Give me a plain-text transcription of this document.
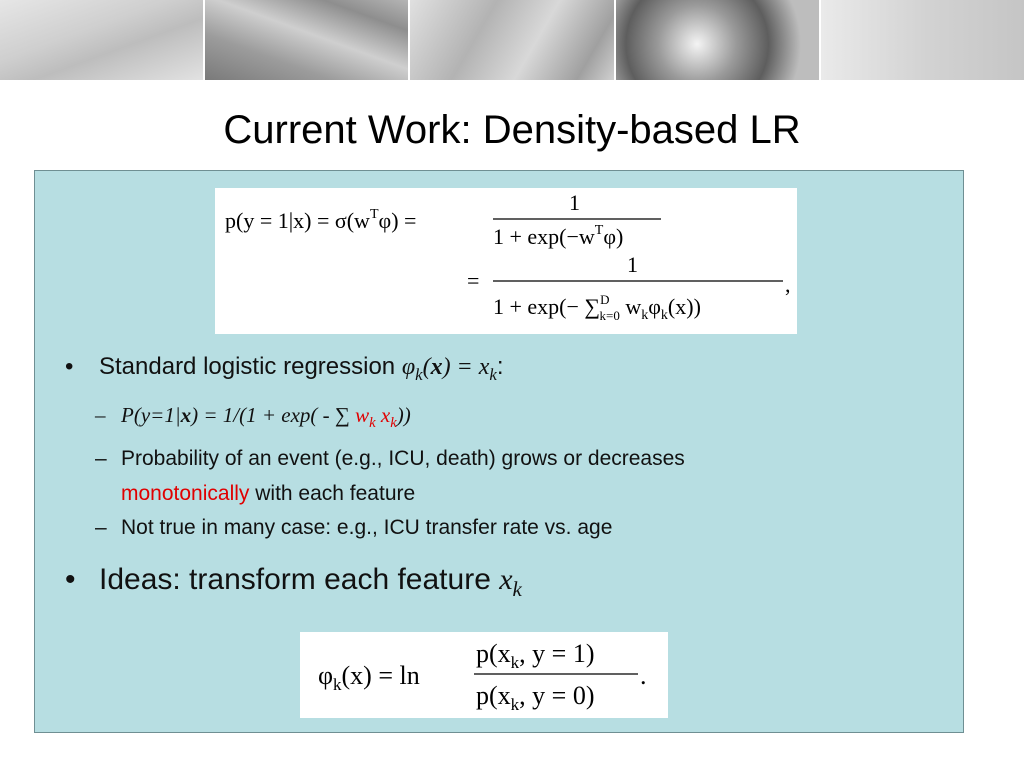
Current Work: Density-based LR
$p(y = 1|x) = \sigma(w^T\varphi)$ =
1
$1 + \exp(-w^T\varphi)$
=
1
1 + exp(− ∑$^D$ k=0 $w_k\varphi_k(x)$)
,
• Standard logistic regression $\varphi_k(x) = x_k$:
– P(y=1|x) = 1/(1 + exp( - ∑ $w_k$ $x_k$))
– Probability of an event (e.g., ICU, death) grows or decreases
monotonically with each feature
– Not true in many case: e.g., ICU transfer rate vs. age
• Ideas: transform each feature $x_k$
$\varphi_k(x) = \ln$
$p(x_k$, y = 1)
$p(x_k$, y = 0)
.
